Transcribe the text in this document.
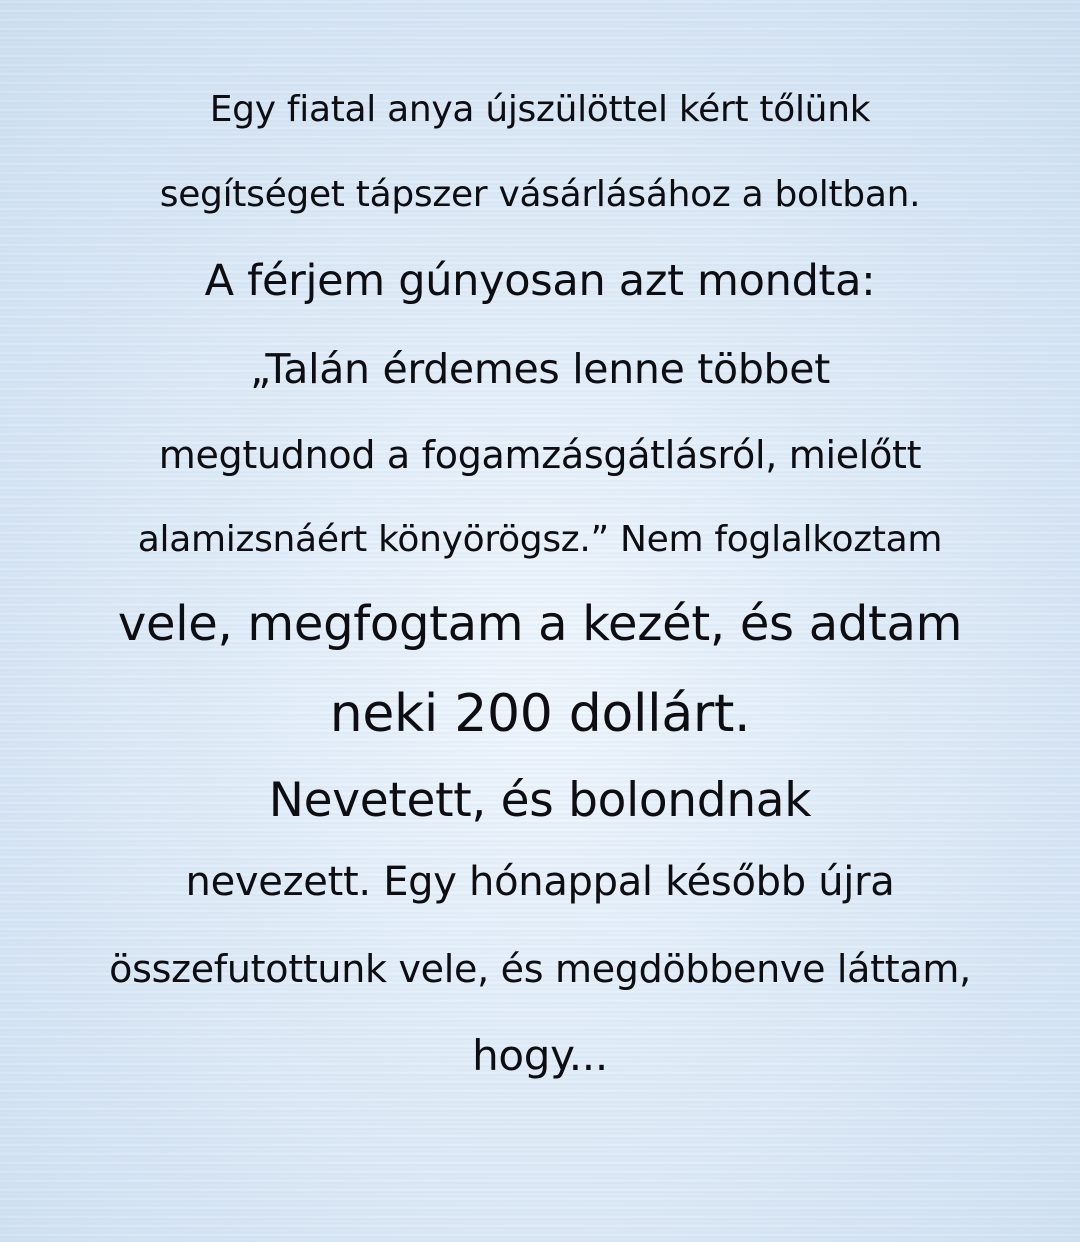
Egy fiatal anya újszülöttel kért tőlünk
segítséget tápszer vásárlásához a boltban.
A férjem gúnyosan azt mondta:
„Talán érdemes lenne többet
megtudnod a fogamzásgátlásról, mielőtt
alamizsnáért könyörögsz.” Nem foglalkoztam
vele, megfogtam a kezét, és adtam
neki 200 dollárt.
Nevetett, és bolondnak
nevezett. Egy hónappal később újra
összefutottunk vele, és megdöbbenve láttam,
hogy...
